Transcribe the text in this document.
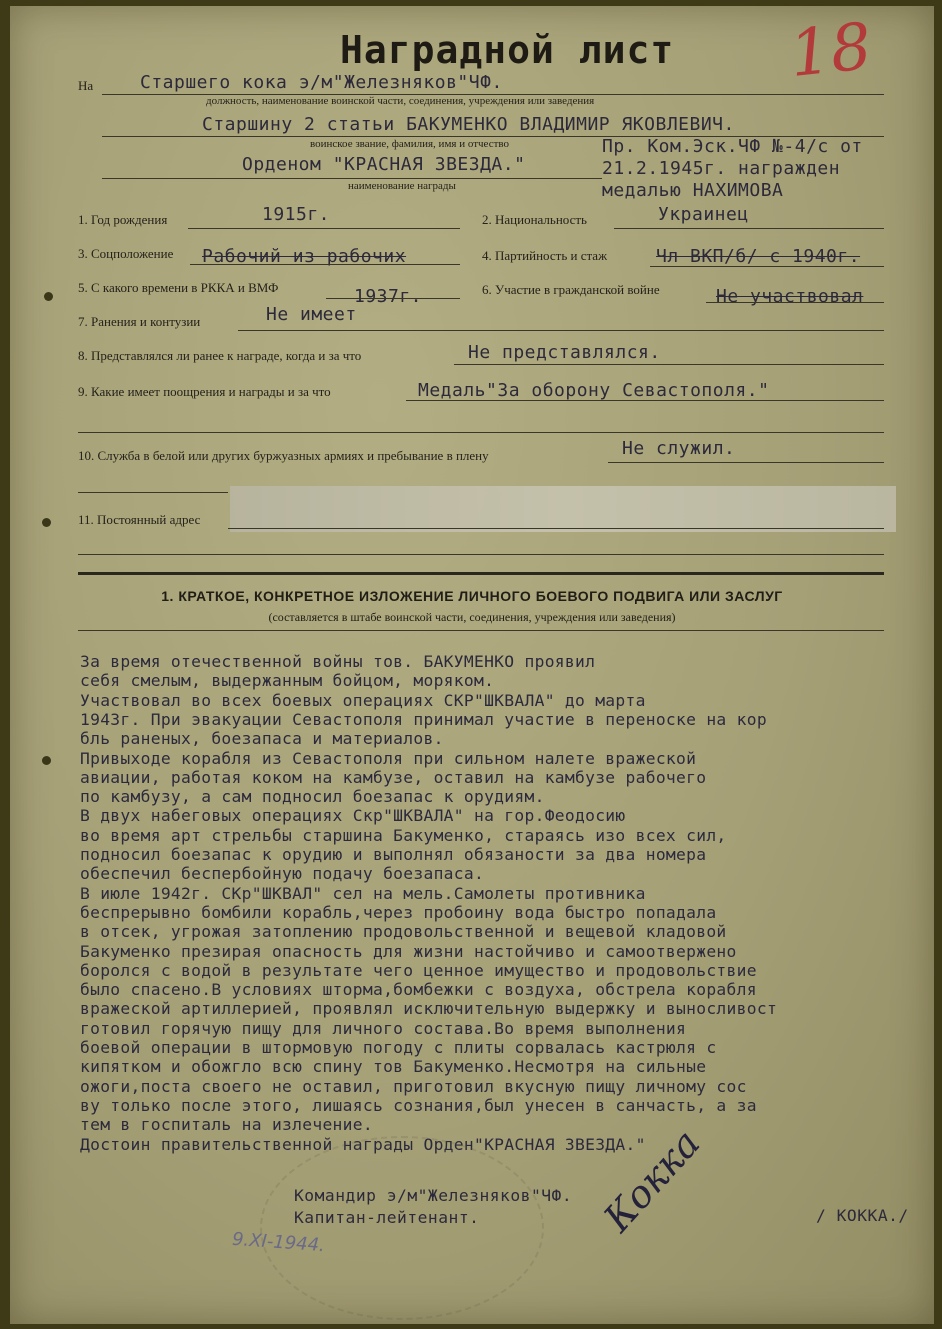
Наградной лист 18
На	Старшего кока э/м"Железняков"ЧФ.
должность, наименование воинской части, соединения, учреждения или заведения
Старшину 2 статьи БАКУМЕНКО ВЛАДИМИР ЯКОВЛЕВИЧ.
воинское звание, фамилия, имя и отчество
Орденом "КРАСНАЯ ЗВЕЗДА."
наименование награды
Пр. Ком.Эск.ЧФ №-4/с от
21.2.1945г. награжден
медалью НАХИМОВА
1. Год рождения	1915г.	2. Национальность	Украинец
3. Соцположение Рабочий из рабочих	4. Партийность и стаж	Чл ВКП/б/ с 1940г.
5. С какого времени в РККА и ВМФ	1937г.	6. Участие в гражданской войне	Не участвовал
7. Ранения и контузии	Не имеет
8. Представлялся ли ранее к награде, когда и за что	Не представлялся.
9. Какие имеет поощрения и награды и за что	Медаль"За оборону Севастополя."
10. Служба в белой или других буржуазных армиях и пребывание в плену	Не служил.
11. Постоянный адрес
1. КРАТКОЕ, КОНКРЕТНОЕ ИЗЛОЖЕНИЕ ЛИЧНОГО БОЕВОГО ПОДВИГА ИЛИ ЗАСЛУГ
(составляется в штабе воинской части, соединения, учреждения или заведения)
За время отечественной войны тов. БАКУМЕНКО проявил
себя смелым, выдержанным бойцом, моряком.
Участвовал во всех боевых операциях СКР"ШКВАЛА" до марта
1943г. При эвакуации Севастополя принимал участие в переноске на кор
бль раненых, боезапаса и материалов.
Привыходе корабля из Севастополя при сильном налете вражеской
авиации, работая коком на камбузе, оставил на камбузе рабочего
по камбузу, а сам подносил боезапас к орудиям.
В двух набеговых операциях Скр"ШКВАЛА" на гор.Феодосию
во время арт стрельбы старшина Бакуменко, стараясь изо всех сил,
подносил боезапас к орудию и выполнял обязаности за два номера
обеспечил беспербойную подачу боезапаса.
В июле 1942г. СКр"ШКВАЛ" сел на мель.Самолеты противника
беспрерывно бомбили корабль,через пробоину вода быстро попадала
в отсек, угрожая затоплению продовольственной и вещевой кладовой
Бакуменко презирая опасность для жизни настойчиво и самоотвержено
боролся с водой в результате чего ценное имущество и продовольствие
было спасено.В условиях шторма,бомбежки с воздуха, обстрела корабля
вражеской артиллерией, проявлял исключительную выдержку и выносливост
готовил горячую пищу для личного состава.Во время выполнения
боевой операции в штормовую погоду с плиты сорвалась кастрюля с
кипятком и обожгло всю спину тов Бакуменко.Несмотря на сильные
ожоги,поста своего не оставил, приготовил вкусную пищу личному сос
ву только после этого, лишаясь сознания,был унесен в санчасть, а за
тем в госпиталь на излечение.
Достоин правительственной награды Орден"КРАСНАЯ ЗВЕЗДА."
Командир э/м"Железняков"ЧФ.
Капитан-лейтенант.	Кокка	/ КОККА./
9.XI-1944.
